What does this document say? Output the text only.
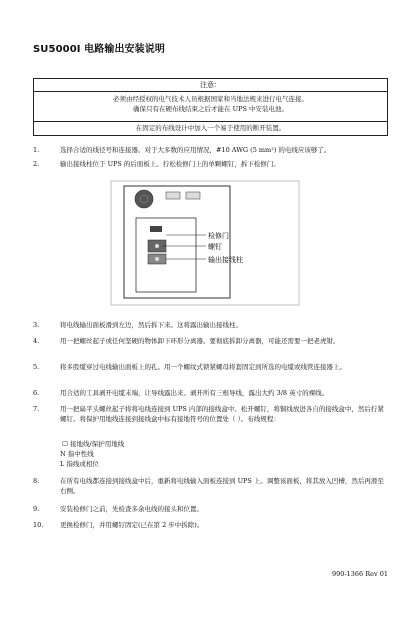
SU5000I 电路输出安装说明
注意：
必须由经授权的电气技术人员根据国家和当地法规来进行电气连接。
确保只有在硬布线结束之后才能在 UPS 中安装电池。
在固定的布线设计中加入一个易于使用的断开装置。
1.	选择合适的线径号和连接器。对于大多数的应用情况，#10 AWG (5 mm²) 的电线应该够了。
2.	输出接线柱位于 UPS 的后面板上。拧松检修门上的单颗螺钉，拆下检修门。
检修门
螺钉
输出接线柱
3.	将电线输出面板滑到左边，然后拆下来。这将露出输出接线柱。
4.	用一把螺丝起子或任何坚硬的物体卸下环形分离器。要彻底拆卸分离器，可能还需要一把老虎钳。
5.	将多股缆穿过电线输出面板上的孔。用一个螺纹式锁紧螺母将套固定到所选的电缆或线管连接器上。
6.	用合适的工具剥开电缆末端，让导线露出来。剥开所有三根导线，露出大约 3/8 英寸的裸线。
7.	用一把扁平头螺丝起子将将电线连接到 UPS 内部的接线盒中。松开螺钉，将铜线放进各自的接线盒中，然后拧紧螺钉。将保护用地线连接到接线盒中标有接地符号的位置处（ ）。布线规程：
接地线/保护用地线
N 指中性线
L 指线或相位
8.	在所有电线都连接到接线盒中后，重新将电线输入面板连接到 UPS 上。调整该面板，将其放入凹槽，然后再滑至右侧。
9.	安装检修门之前，先检查多余电线的接头和位置。
10.	更换检修门，并用螺钉固定(已在第 2 步中拆除)。
990-1366 Rev 01
